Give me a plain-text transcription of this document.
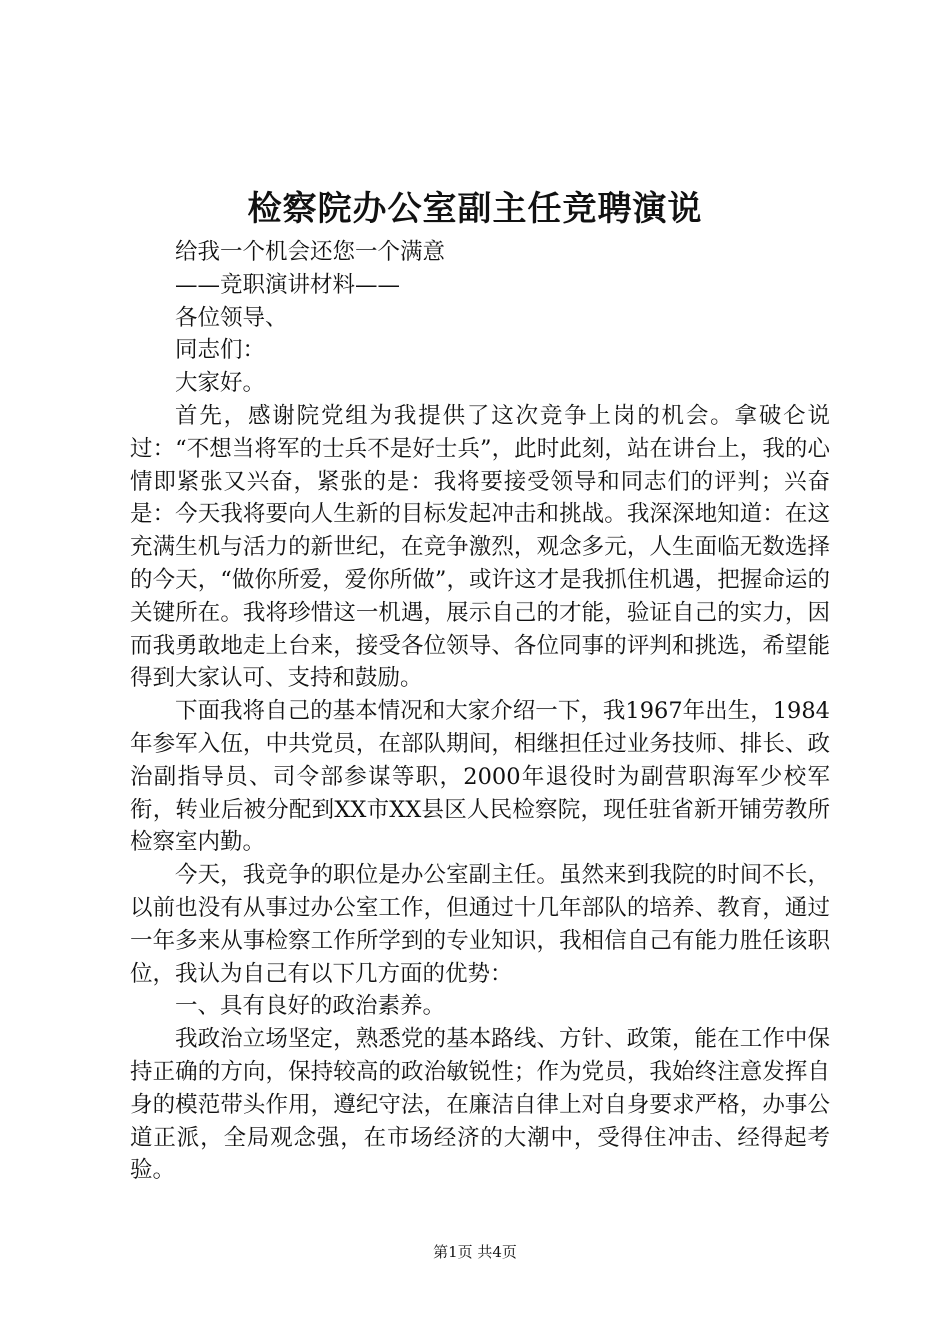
检察院办公室副主任竞聘演说

给我一个机会还您一个满意

——竞职演讲材料——

各位领导、

同志们：

大家好。

首先，感谢院党组为我提供了这次竞争上岗的机会。拿破仑说过：“不想当将军的士兵不是好士兵”，此时此刻，站在讲台上，我的心情即紧张又兴奋，紧张的是：我将要接受领导和同志们的评判；兴奋是：今天我将要向人生新的目标发起冲击和挑战。我深深地知道：在这充满生机与活力的新世纪，在竞争激烈，观念多元，人生面临无数选择的今天，“做你所爱，爱你所做”，或许这才是我抓住机遇，把握命运的关键所在。我将珍惜这一机遇，展示自己的才能，验证自己的实力，因而我勇敢地走上台来，接受各位领导、各位同事的评判和挑选，希望能得到大家认可、支持和鼓励。

下面我将自己的基本情况和大家介绍一下，我1967年出生，1984年参军入伍，中共党员，在部队期间，相继担任过业务技师、排长、政治副指导员、司令部参谋等职，2000年退役时为副营职海军少校军衔，转业后被分配到XX市XX县区人民检察院，现任驻省新开铺劳教所检察室内勤。

今天，我竞争的职位是办公室副主任。虽然来到我院的时间不长，以前也没有从事过办公室工作，但通过十几年部队的培养、教育，通过一年多来从事检察工作所学到的专业知识，我相信自己有能力胜任该职位，我认为自己有以下几方面的优势：

一、具有良好的政治素养。

我政治立场坚定，熟悉党的基本路线、方针、政策，能在工作中保持正确的方向，保持较高的政治敏锐性；作为党员，我始终注意发挥自身的模范带头作用，遵纪守法，在廉洁自律上对自身要求严格，办事公道正派，全局观念强，在市场经济的大潮中，受得住冲击、经得起考验。

第1页 共4页
